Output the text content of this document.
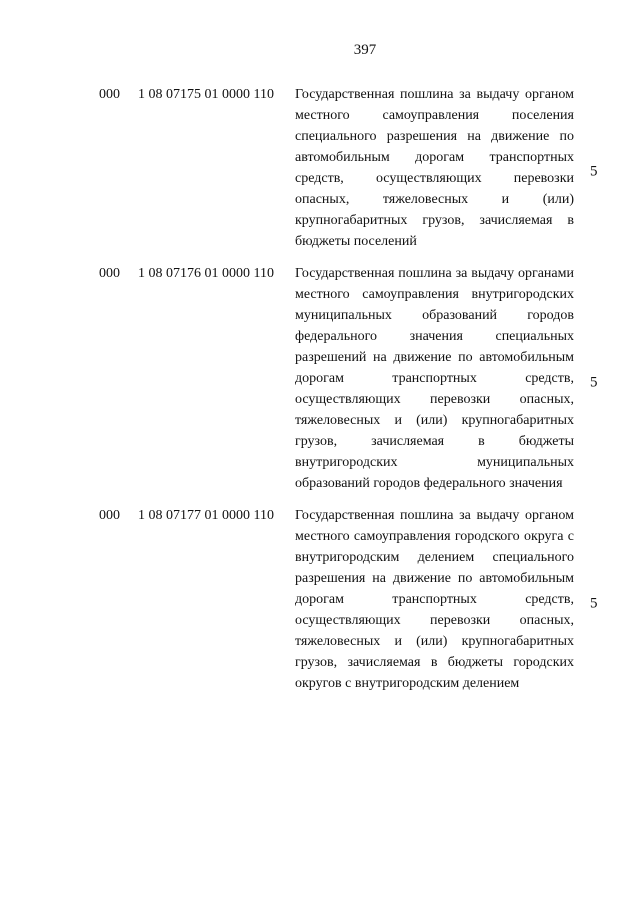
397
000 1 08 07175 01 0000 110 Государственная пошлина за выдачу органом местного самоуправления поселения специального разрешения на движение по автомобильным дорогам транспортных средств, осуществляющих перевозки опасных, тяжеловесных и (или) крупногабаритных грузов, зачисляемая в бюджеты поселений
5
000 1 08 07176 01 0000 110 Государственная пошлина за выдачу органами местного самоуправления внутригородских муниципальных образований городов федерального значения специальных разрешений на движение по автомобильным дорогам транспортных средств, осуществляющих перевозки опасных, тяжеловесных и (или) крупногабаритных грузов, зачисляемая в бюджеты внутригородских муниципальных образований городов федерального значения
5
000 1 08 07177 01 0000 110 Государственная пошлина за выдачу органом местного самоуправления городского округа с внутригородским делением специального разрешения на движение по автомобильным дорогам транспортных средств, осуществляющих перевозки опасных, тяжеловесных и (или) крупногабаритных грузов, зачисляемая в бюджеты городских округов с внутригородским делением
5
